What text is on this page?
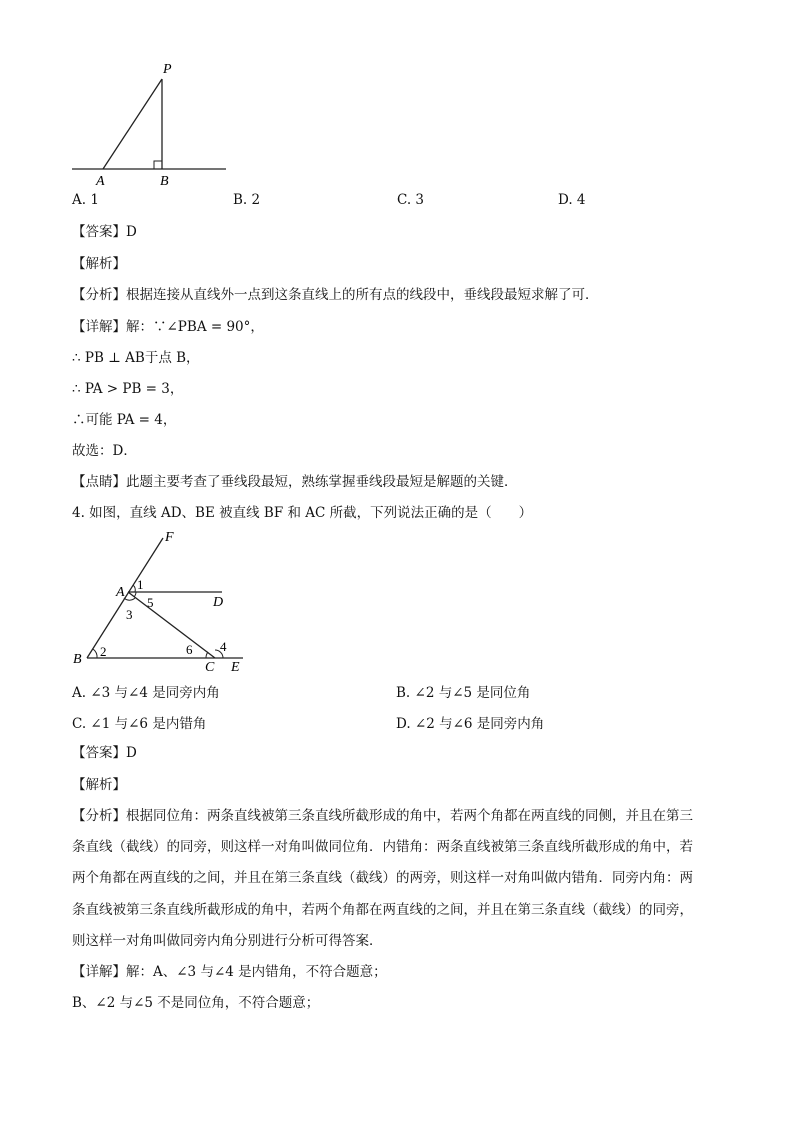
P
A	B
A. 1	B. 2	C. 3	D. 4
【答案】D
【解析】
【分析】根据连接从直线外一点到这条直线上的所有点的线段中，垂线段最短求解了可．
【详解】解：∵∠PBA = 90°，
∴ PB ⊥ AB于点 B，
∴ PA > PB = 3，
∴可能 PA = 4，
故选：D．
【点睛】此题主要考查了垂线段最短，熟练掌握垂线段最短是解题的关键．
4. 如图，直线 AD、BE 被直线 BF 和 AC 所截，下列说法正确的是（　　）
F
A
D
B
C E
1
5
3
2	6 4
A. ∠3 与∠4 是同旁内角	B. ∠2 与∠5 是同位角
C. ∠1 与∠6 是内错角	D. ∠2 与∠6 是同旁内角
【答案】D
【解析】
【分析】根据同位角：两条直线被第三条直线所截形成的角中，若两个角都在两直线的同侧，并且在第三
条直线（截线）的同旁，则这样一对角叫做同位角．内错角：两条直线被第三条直线所截形成的角中，若
两个角都在两直线的之间，并且在第三条直线（截线）的两旁，则这样一对角叫做内错角．同旁内角：两
条直线被第三条直线所截形成的角中，若两个角都在两直线的之间，并且在第三条直线（截线）的同旁，
则这样一对角叫做同旁内角分别进行分析可得答案．
【详解】解：A、∠3 与∠4 是内错角，不符合题意；
B、∠2 与∠5 不是同位角，不符合题意；
